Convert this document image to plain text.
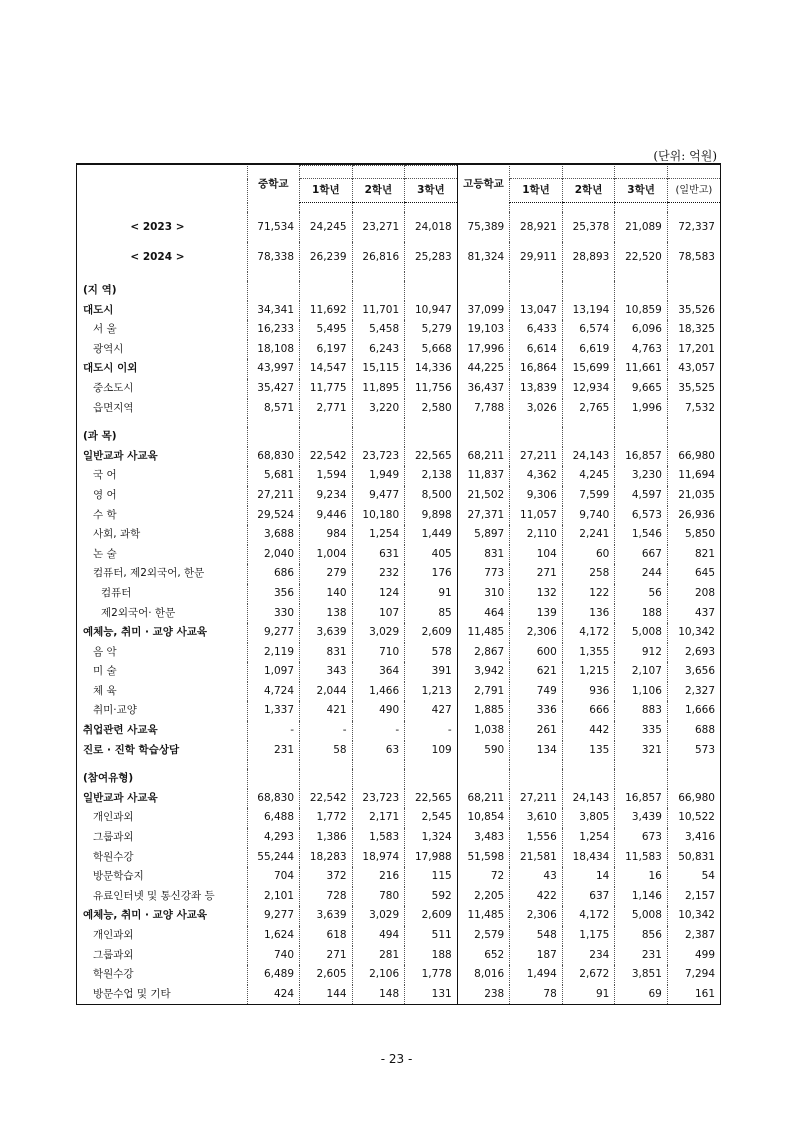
(단위: 억원)
	중학교				고등학교				
		1학년	2학년	3학년		1학년	2학년	3학년	(일반고)

< 2023 >	71,534	24,245	23,271	24,018	75,389	28,921	25,378	21,089	72,337
< 2024 >	78,338	26,239	26,816	25,283	81,324	29,911	28,893	22,520	78,583

(지 역)									
대도시	34,341	11,692	11,701	10,947	37,099	13,047	13,194	10,859	35,526
서 울	16,233	5,495	5,458	5,279	19,103	6,433	6,574	6,096	18,325
광역시	18,108	6,197	6,243	5,668	17,996	6,614	6,619	4,763	17,201
대도시 이외	43,997	14,547	15,115	14,336	44,225	16,864	15,699	11,661	43,057
중소도시	35,427	11,775	11,895	11,756	36,437	13,839	12,934	9,665	35,525
읍면지역	8,571	2,771	3,220	2,580	7,788	3,026	2,765	1,996	7,532

(과 목)									
일반교과 사교육	68,830	22,542	23,723	22,565	68,211	27,211	24,143	16,857	66,980
국 어	5,681	1,594	1,949	2,138	11,837	4,362	4,245	3,230	11,694
영 어	27,211	9,234	9,477	8,500	21,502	9,306	7,599	4,597	21,035
수 학	29,524	9,446	10,180	9,898	27,371	11,057	9,740	6,573	26,936
사회, 과학	3,688	984	1,254	1,449	5,897	2,110	2,241	1,546	5,850
논 술	2,040	1,004	631	405	831	104	60	667	821
컴퓨터, 제2외국어, 한문	686	279	232	176	773	271	258	244	645
컴퓨터	356	140	124	91	310	132	122	56	208
제2외국어· 한문	330	138	107	85	464	139	136	188	437
예체능, 취미 · 교양 사교육	9,277	3,639	3,029	2,609	11,485	2,306	4,172	5,008	10,342
음 악	2,119	831	710	578	2,867	600	1,355	912	2,693
미 술	1,097	343	364	391	3,942	621	1,215	2,107	3,656
체 육	4,724	2,044	1,466	1,213	2,791	749	936	1,106	2,327
취미·교양	1,337	421	490	427	1,885	336	666	883	1,666
취업관련 사교육	-	-	-	-	1,038	261	442	335	688
진로 · 진학 학습상담	231	58	63	109	590	134	135	321	573

(참여유형)									
일반교과 사교육	68,830	22,542	23,723	22,565	68,211	27,211	24,143	16,857	66,980
개인과외	6,488	1,772	2,171	2,545	10,854	3,610	3,805	3,439	10,522
그룹과외	4,293	1,386	1,583	1,324	3,483	1,556	1,254	673	3,416
학원수강	55,244	18,283	18,974	17,988	51,598	21,581	18,434	11,583	50,831
방문학습지	704	372	216	115	72	43	14	16	54
유료인터넷 및 통신강좌 등	2,101	728	780	592	2,205	422	637	1,146	2,157
예체능, 취미 · 교양 사교육	9,277	3,639	3,029	2,609	11,485	2,306	4,172	5,008	10,342
개인과외	1,624	618	494	511	2,579	548	1,175	856	2,387
그룹과외	740	271	281	188	652	187	234	231	499
학원수강	6,489	2,605	2,106	1,778	8,016	1,494	2,672	3,851	7,294
방문수업 및 기타	424	144	148	131	238	78	91	69	161
- 23 -
